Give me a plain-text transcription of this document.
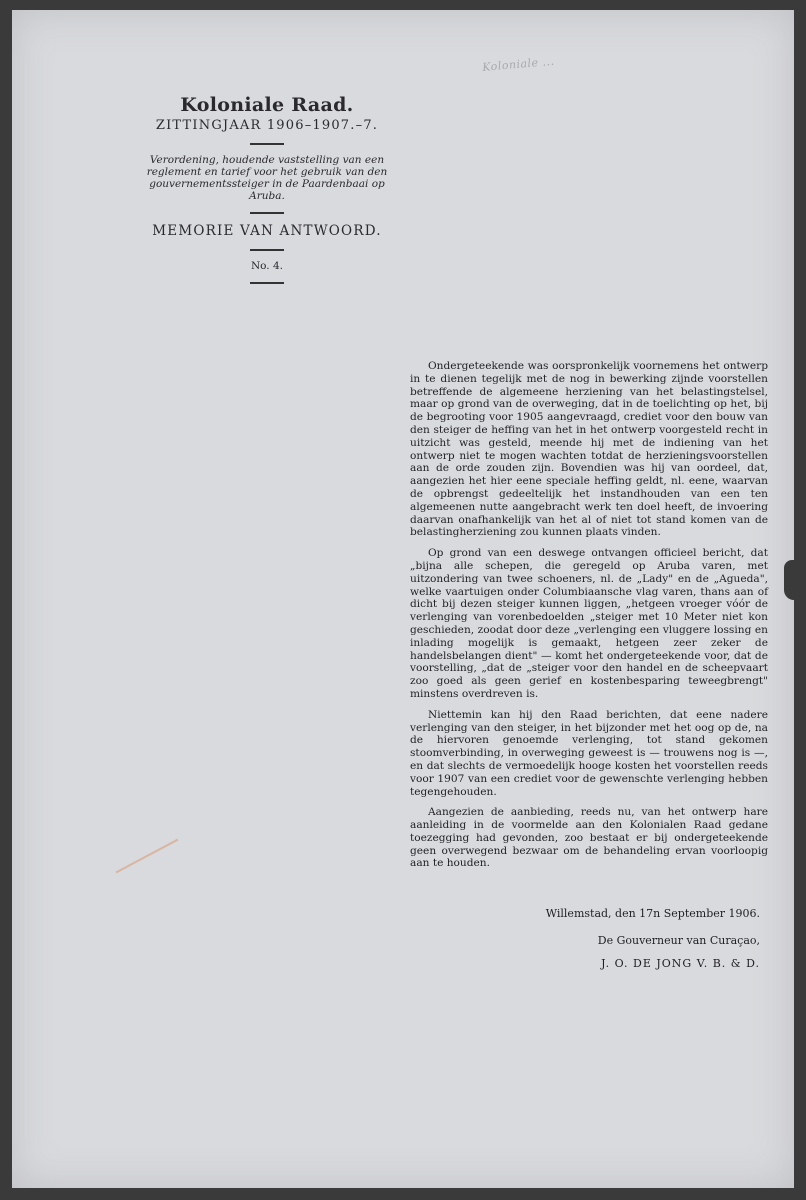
Koloniale ...
Koloniale Raad.
ZITTINGJAAR 1906–1907.–7.
Verordening, houdende vaststelling van een reglement en tarief voor het gebruik van den gouvernementssteiger in de Paardenbaai op Aruba.
MEMORIE VAN ANTWOORD.
No. 4.

Ondergeteekende was oorspronkelijk voornemens het ontwerp in te dienen tegelijk met de nog in bewerking zijnde voorstellen betreffende de algemeene herziening van het belastingstelsel, maar op grond van de overweging, dat in de toelichting op het, bij de begrooting voor 1905 aangevraagd, crediet voor den bouw van den steiger de heffing van het in het ontwerp voorgesteld recht in uitzicht was gesteld, meende hij met de indiening van het ontwerp niet te mogen wachten totdat de herzieningsvoorstellen aan de orde zouden zijn. Bovendien was hij van oordeel, dat, aangezien het hier eene speciale heffing geldt, nl. eene, waarvan de opbrengst gedeeltelijk het instandhouden van een ten algemeenen nutte aangebracht werk ten doel heeft, de invoering daarvan onafhankelijk van het al of niet tot stand komen van de belastingherziening zou kunnen plaats vinden.

Op grond van een deswege ontvangen officieel bericht, dat „bijna alle schepen, die geregeld op Aruba varen, met uitzondering van twee schoeners, nl. de „Lady" en de „Agueda", welke vaartuigen onder Columbiaansche vlag varen, thans aan of dicht bij dezen steiger kunnen liggen, „hetgeen vroeger vóór de verlenging van vorenbedoelden „steiger met 10 Meter niet kon geschieden, zoodat door deze „verlenging een vluggere lossing en inlading mogelijk is gemaakt, hetgeen zeer zeker de handelsbelangen dient" — komt het ondergeteekende voor, dat de voorstelling, „dat de „steiger voor den handel en de scheepvaart zoo goed als geen gerief en kostenbesparing teweegbrengt" minstens overdreven is.

Niettemin kan hij den Raad berichten, dat eene nadere verlenging van den steiger, in het bijzonder met het oog op de, na de hiervoren genoemde verlenging, tot stand gekomen stoomverbinding, in overweging geweest is — trouwens nog is —, en dat slechts de vermoedelijk hooge kosten het voorstellen reeds voor 1907 van een crediet voor de gewenschte verlenging hebben tegengehouden.

Aangezien de aanbieding, reeds nu, van het ontwerp hare aanleiding in de voormelde aan den Kolonialen Raad gedane toezegging had gevonden, zoo bestaat er bij ondergeteekende geen overwegend bezwaar om de behandeling ervan voorloopig aan te houden.

Willemstad, den 17n September 1906.
De Gouverneur van Curaçao,
J. O. DE JONG V. B. & D.
